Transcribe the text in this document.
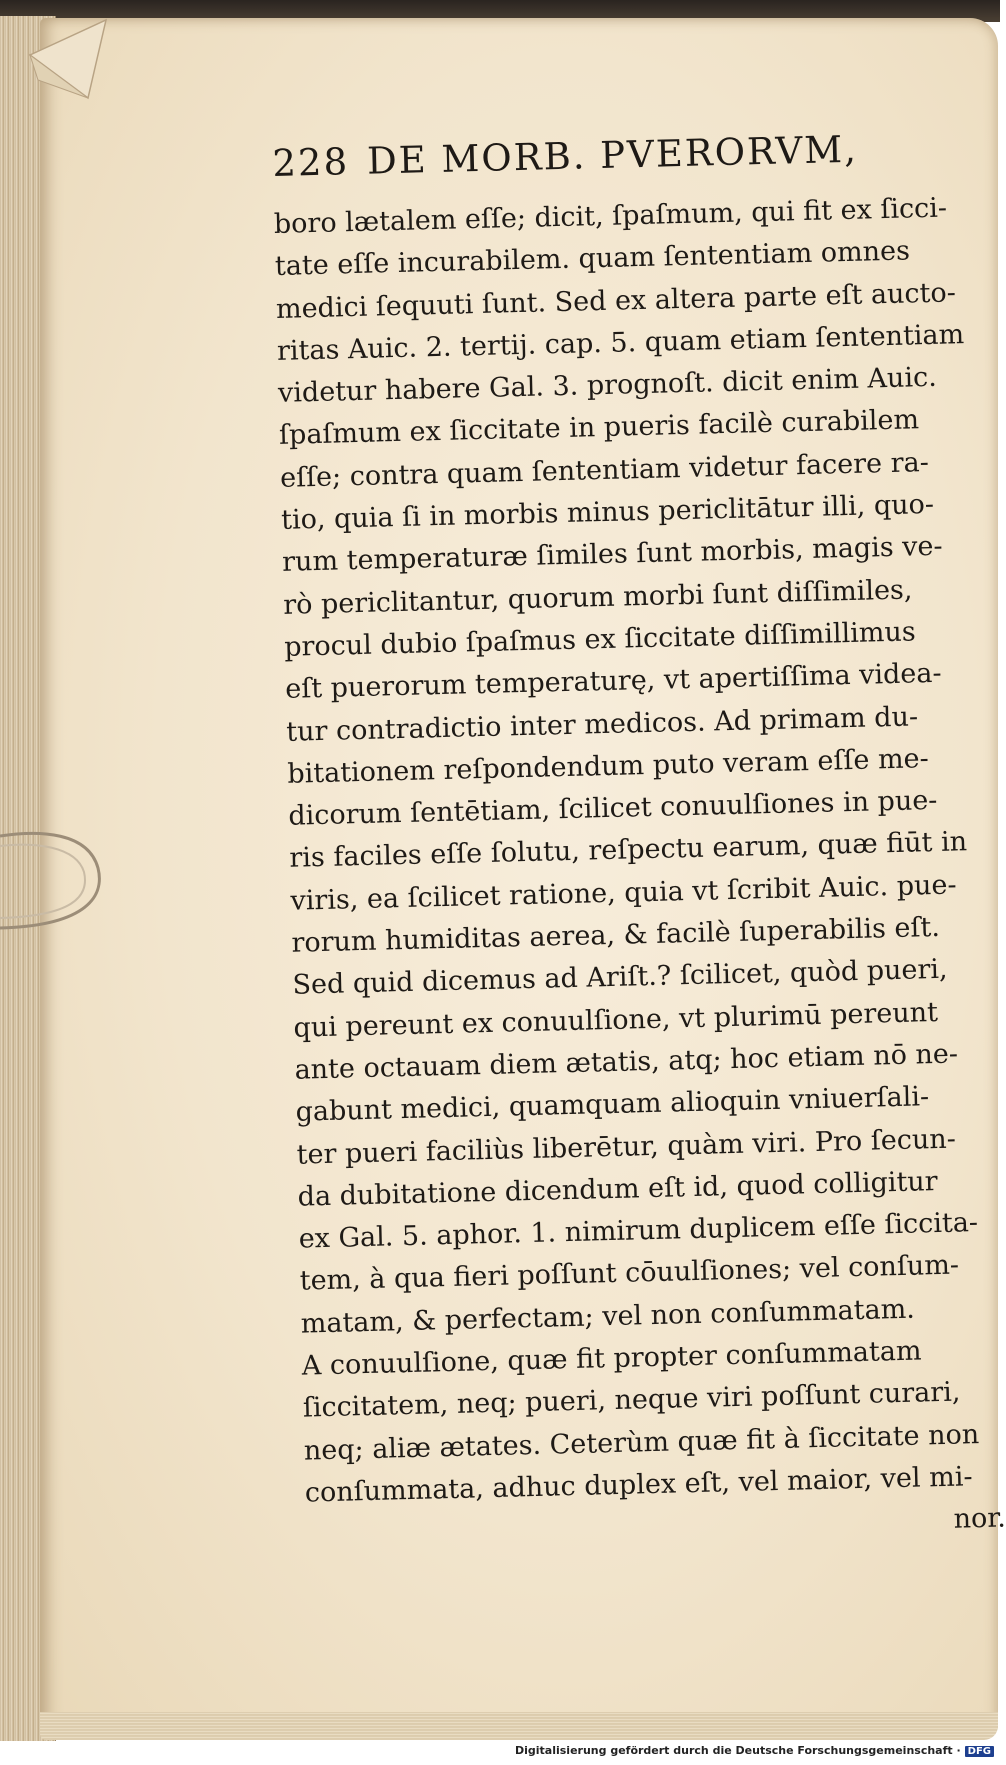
228 DE MORB. PVERORVM,
boro lætalem eſſe; dicit, ſpaſmum, qui fit ex ſicci-
tate eſſe incurabilem. quam ſententiam omnes
medici ſequuti ſunt. Sed ex altera parte eſt aucto-
ritas Auic. 2. tertij. cap. 5. quam etiam ſententiam
videtur habere Gal. 3. prognoſt. dicit enim Auic.
ſpaſmum ex ſiccitate in pueris facilè curabilem
eſſe; contra quam ſententiam videtur facere ra-
tio, quia ſi in morbis minus periclitātur illi, quo-
rum temperaturæ ſimiles ſunt morbis, magis ve-
rò periclitantur, quorum morbi ſunt diſſimiles,
procul dubio ſpaſmus ex ſiccitate diſſimillimus
eſt puerorum temperaturę, vt apertiſſima videa-
tur contradictio inter medicos. Ad primam du-
bitationem reſpondendum puto veram eſſe me-
dicorum ſentētiam, ſcilicet conuulſiones in pue-
ris faciles eſſe ſolutu, reſpectu earum, quæ fiūt in
viris, ea ſcilicet ratione, quia vt ſcribit Auic. pue-
rorum humiditas aerea, & facilè ſuperabilis eſt.
Sed quid dicemus ad Ariſt.? ſcilicet, quòd pueri,
qui pereunt ex conuulſione, vt plurimū pereunt
ante octauam diem ætatis, atq; hoc etiam nō ne-
gabunt medici, quamquam alioquin vniuerſali-
ter pueri faciliùs liberētur, quàm viri. Pro ſecun-
da dubitatione dicendum eſt id, quod colligitur
ex Gal. 5. aphor. 1. nimirum duplicem eſſe ſiccita-
tem, à qua fieri poſſunt cōuulſiones; vel conſum-
matam, & perfectam; vel non conſummatam.
A conuulſione, quæ fit propter conſummatam
ſiccitatem, neq; pueri, neque viri poſſunt curari,
neq; aliæ ætates. Ceterùm quæ fit à ſiccitate non
conſummata, adhuc duplex eſt, vel maior, vel mi-
nor.
Digitalisierung gefördert durch die Deutsche Forschungsgemeinschaft · DFG
